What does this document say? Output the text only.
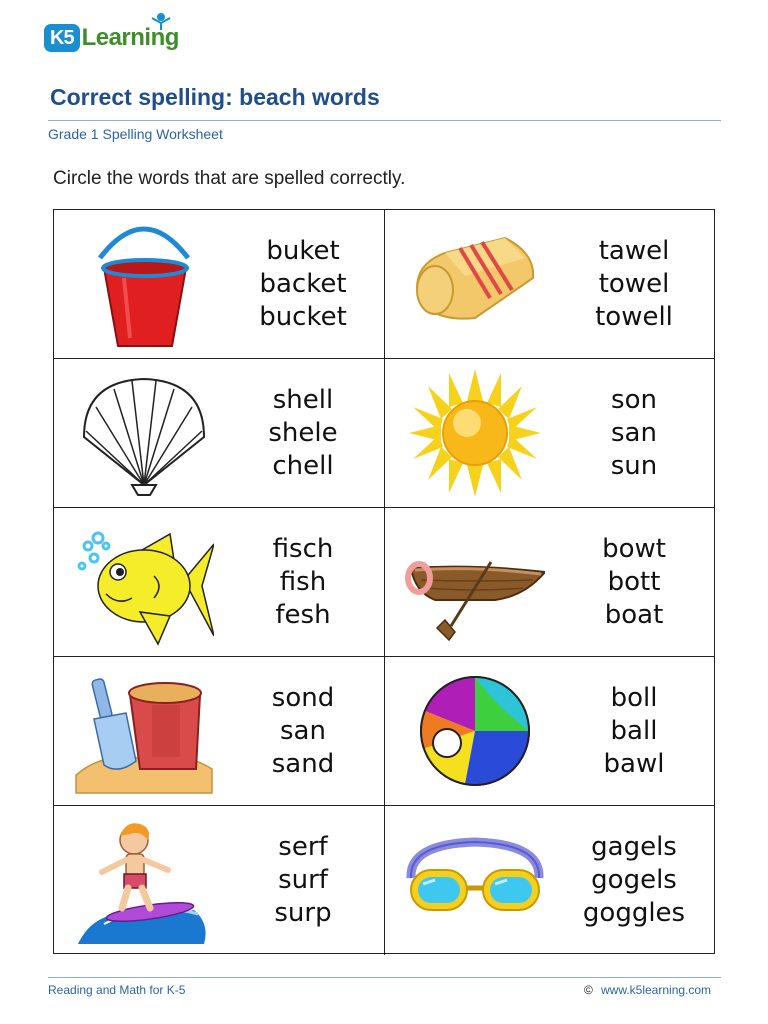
K5 Learning
Correct spelling: beach words
Grade 1 Spelling Worksheet
Circle the words that are spelled correctly.
buket
backet
bucket
tawel
towel
towell
shell
shele
chell
son
san
sun
fisch
fish
fesh
bowt
bott
boat
sond
san
sand
boll
ball
bawl
serf
surf
surp
gagels
gogels
goggles
Reading and Math for K-5	© www.k5learning.com
